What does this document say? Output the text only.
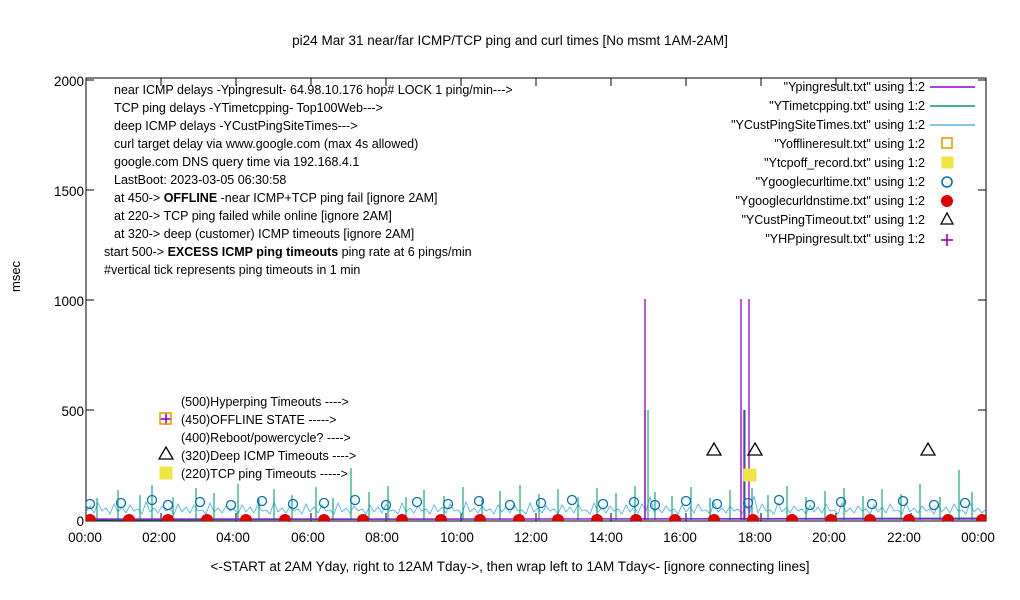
pi24 Mar 31 near/far ICMP/TCP ping and curl times [No msmt 1AM-2AM]
msec
<-START at 2AM Yday, right to 12AM Tday->, then wrap left to 1AM Tday<- [ignore connecting lines]
2000
1500
1000
500
0
00:00	02:00	04:00	06:00	08:00	10:00	12:00	14:00	16:00	18:00	20:00	22:00	00:00
near ICMP delays -Ypingresult- 64.98.10.176 hop# LOCK 1 ping/min--->
TCP ping delays -YTimetcpping- Top100Web--->
deep ICMP delays -YCustPingSiteTimes--->
curl target delay via www.google.com (max 4s allowed)
google.com DNS query time via 192.168.4.1
LastBoot: 2023-03-05 06:30:58
at 450-> OFFLINE -near ICMP+TCP ping fail [ignore 2AM]
at 220-> TCP ping failed while online [ignore 2AM]
at 320-> deep (customer) ICMP timeouts [ignore 2AM]
start 500-> EXCESS ICMP ping timeouts ping rate at 6 pings/min
#vertical tick represents ping timeouts in 1 min
"Ypingresult.txt" using 1:2
"YTimetcpping.txt" using 1:2
"YCustPingSiteTimes.txt" using 1:2
"Yofflineresult.txt" using 1:2
"Ytcpoff_record.txt" using 1:2
"Ygooglecurltime.txt" using 1:2
"Ygooglecurldnstime.txt" using 1:2
"YCustPingTimeout.txt" using 1:2
"YHPpingresult.txt" using 1:2
(500)Hyperping Timeouts ---->
(450)OFFLINE STATE ----->
(400)Reboot/powercycle? ---->
(320)Deep ICMP Timeouts ---->
(220)TCP ping Timeouts ----->
